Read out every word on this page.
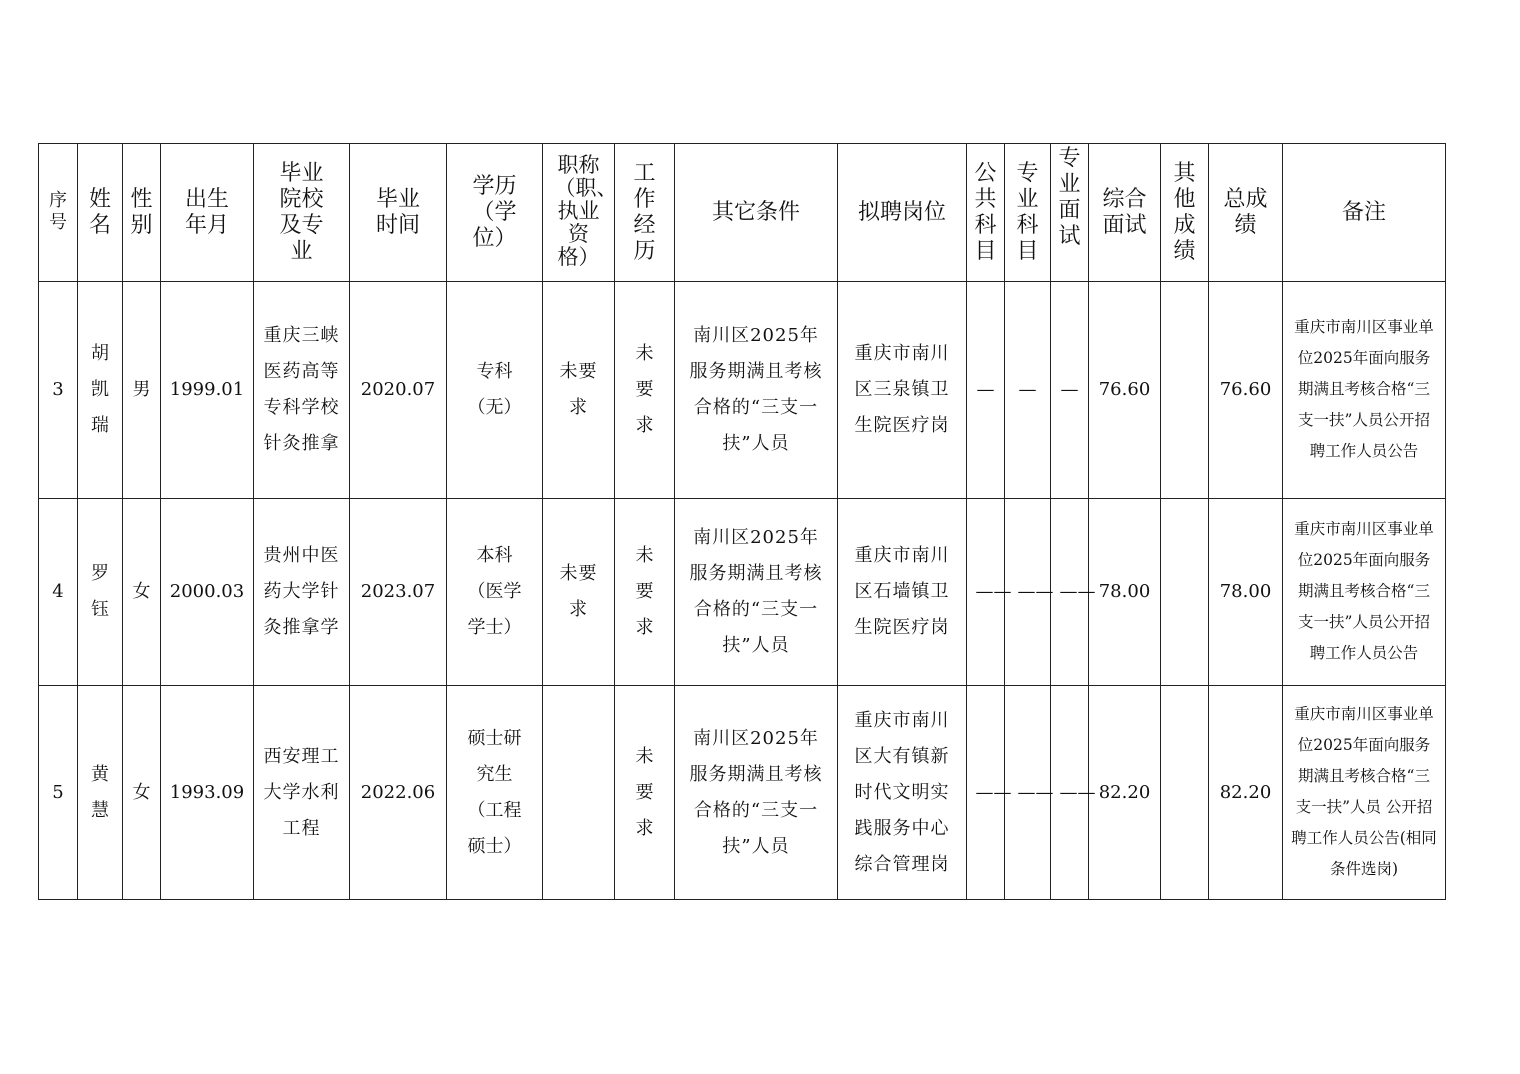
序号	姓名	性别	出生年月	毕业院校及专业	毕业时间	学历（学位）	职称（职、执业资格）	工作经历	其它条件	拟聘岗位	公共科目	专业科目	专业面试	综合面试	其他成绩	总成绩	备注
3	胡凯瑞	男	1999.01	重庆三峡医药高等专科学校针灸推拿	2020.07	专科（无）	未要求	未要求	南川区2025年服务期满且考核合格的“三支一扶”人员	重庆市南川区三泉镇卫生院医疗岗	—	—	—	76.60		76.60	重庆市南川区事业单位2025年面向服务期满且考核合格“三支一扶”人员公开招聘工作人员公告
4	罗钰	女	2000.03	贵州中医药大学针灸推拿学	2023.07	本科（医学学士）	未要求	未要求	南川区2025年服务期满且考核合格的“三支一扶”人员	重庆市南川区石墙镇卫生院医疗岗	——	——	——	78.00		78.00	重庆市南川区事业单位2025年面向服务期满且考核合格“三支一扶”人员公开招聘工作人员公告
5	黄慧	女	1993.09	西安理工大学水利工程	2022.06	硕士研究生（工程硕士）		未要求	南川区2025年服务期满且考核合格的“三支一扶”人员	重庆市南川区大有镇新时代文明实践服务中心综合管理岗	——	——	——	82.20		82.20	重庆市南川区事业单位2025年面向服务期满且考核合格“三支一扶”人员 公开招聘工作人员公告(相同条件选岗)
